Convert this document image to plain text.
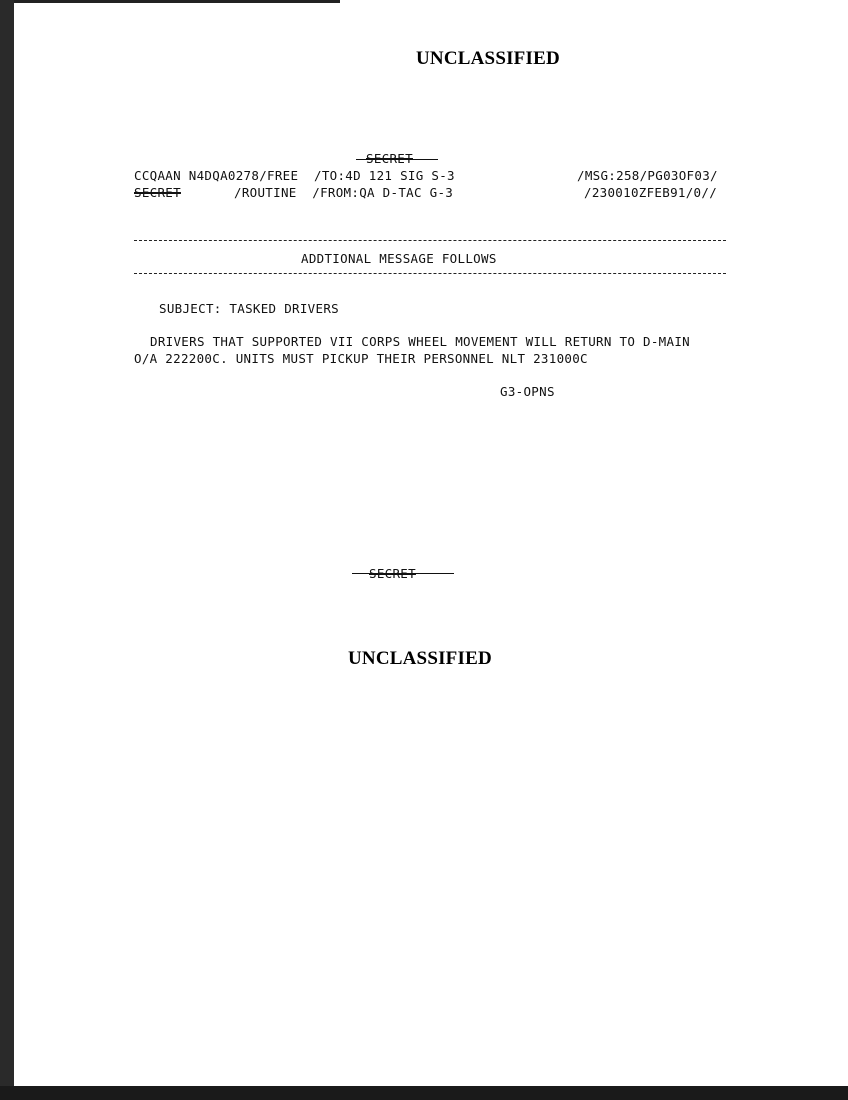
UNCLASSIFIED
SECRET
CCQAAN N4DQA0278/FREE  /TO:4D 121 SIG S-3	/MSG:258/PG03OF03/
SECRET	/ROUTINE  /FROM:QA D-TAC G-3	/230010ZFEB91/0//
ADDTIONAL MESSAGE FOLLOWS
SUBJECT: TASKED DRIVERS
DRIVERS THAT SUPPORTED VII CORPS WHEEL MOVEMENT WILL RETURN TO D-MAIN
O/A 222200C. UNITS MUST PICKUP THEIR PERSONNEL NLT 231000C
G3-OPNS
SECRET
UNCLASSIFIED
